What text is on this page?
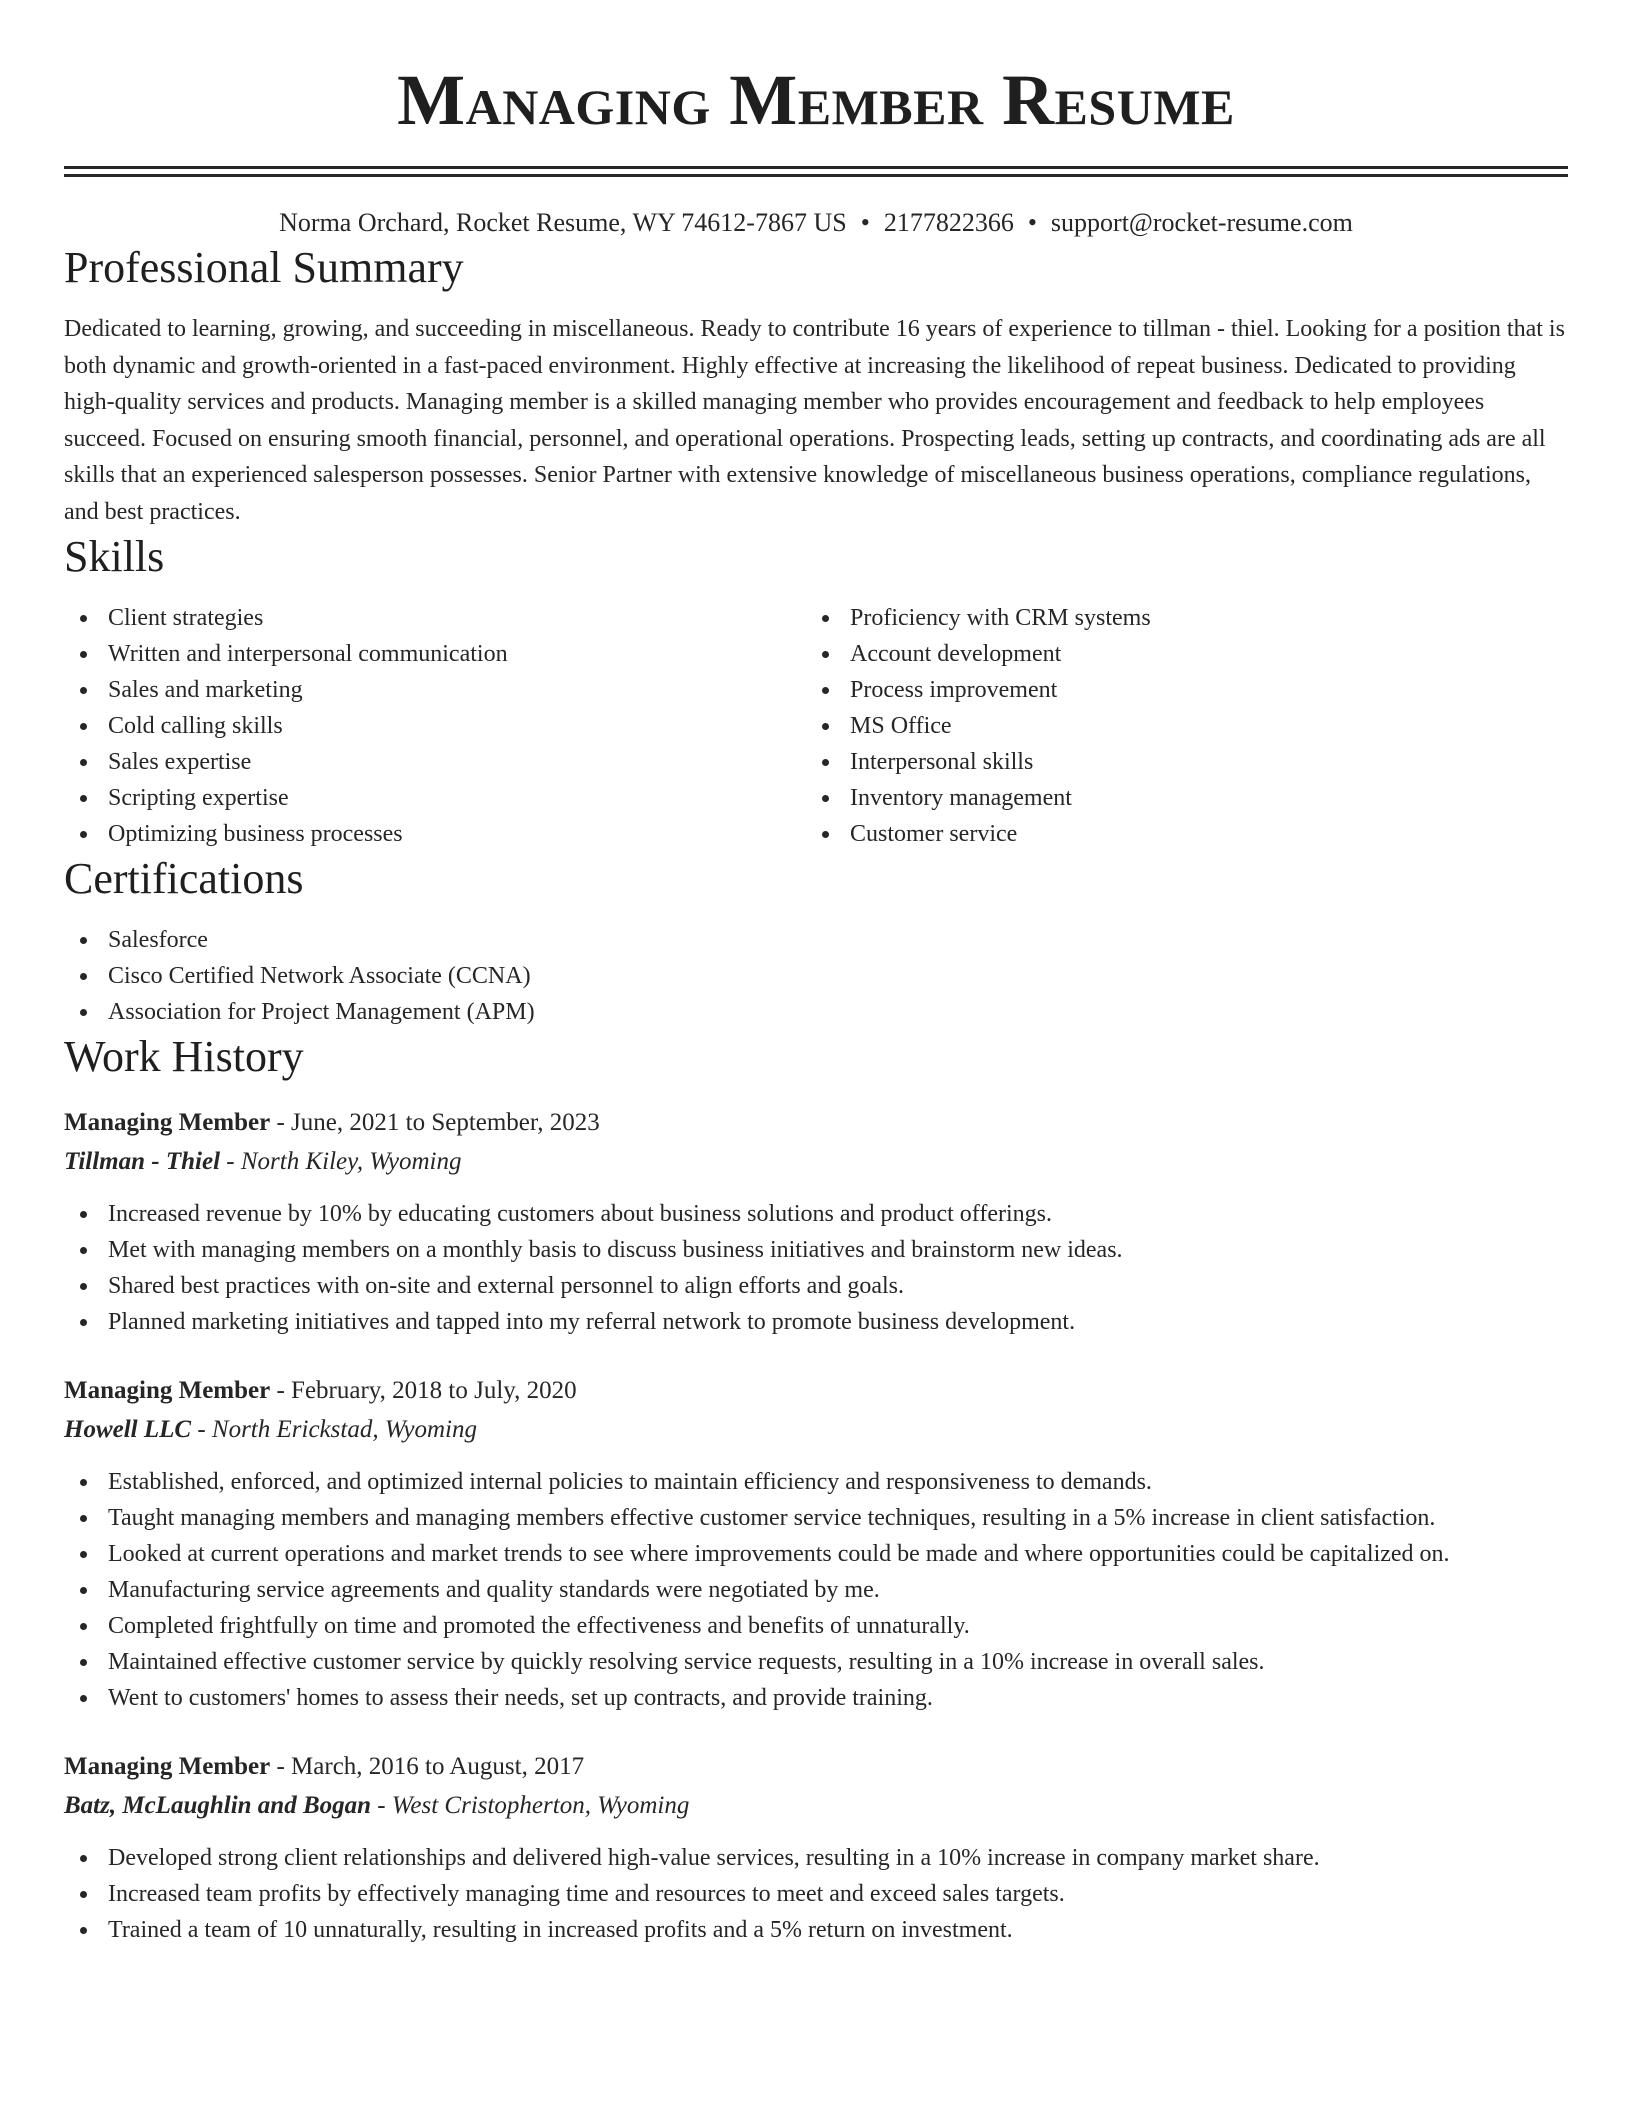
Managing Member Resume
Norma Orchard, Rocket Resume, WY 74612-7867 US • 2177822366 • support@rocket-resume.com
Professional Summary
Dedicated to learning, growing, and succeeding in miscellaneous. Ready to contribute 16 years of experience to tillman - thiel. Looking for a position that is both dynamic and growth-oriented in a fast-paced environment. Highly effective at increasing the likelihood of repeat business. Dedicated to providing high-quality services and products. Managing member is a skilled managing member who provides encouragement and feedback to help employees succeed. Focused on ensuring smooth financial, personnel, and operational operations. Prospecting leads, setting up contracts, and coordinating ads are all skills that an experienced salesperson possesses. Senior Partner with extensive knowledge of miscellaneous business operations, compliance regulations, and best practices.
Skills
Client strategies
Written and interpersonal communication
Sales and marketing
Cold calling skills
Sales expertise
Scripting expertise
Optimizing business processes
Proficiency with CRM systems
Account development
Process improvement
MS Office
Interpersonal skills
Inventory management
Customer service
Certifications
Salesforce
Cisco Certified Network Associate (CCNA)
Association for Project Management (APM)
Work History
Managing Member - June, 2021 to September, 2023
Tillman - Thiel - North Kiley, Wyoming
Increased revenue by 10% by educating customers about business solutions and product offerings.
Met with managing members on a monthly basis to discuss business initiatives and brainstorm new ideas.
Shared best practices with on-site and external personnel to align efforts and goals.
Planned marketing initiatives and tapped into my referral network to promote business development.
Managing Member - February, 2018 to July, 2020
Howell LLC - North Erickstad, Wyoming
Established, enforced, and optimized internal policies to maintain efficiency and responsiveness to demands.
Taught managing members and managing members effective customer service techniques, resulting in a 5% increase in client satisfaction.
Looked at current operations and market trends to see where improvements could be made and where opportunities could be capitalized on.
Manufacturing service agreements and quality standards were negotiated by me.
Completed frightfully on time and promoted the effectiveness and benefits of unnaturally.
Maintained effective customer service by quickly resolving service requests, resulting in a 10% increase in overall sales.
Went to customers' homes to assess their needs, set up contracts, and provide training.
Managing Member - March, 2016 to August, 2017
Batz, McLaughlin and Bogan - West Cristopherton, Wyoming
Developed strong client relationships and delivered high-value services, resulting in a 10% increase in company market share.
Increased team profits by effectively managing time and resources to meet and exceed sales targets.
Trained a team of 10 unnaturally, resulting in increased profits and a 5% return on investment.
